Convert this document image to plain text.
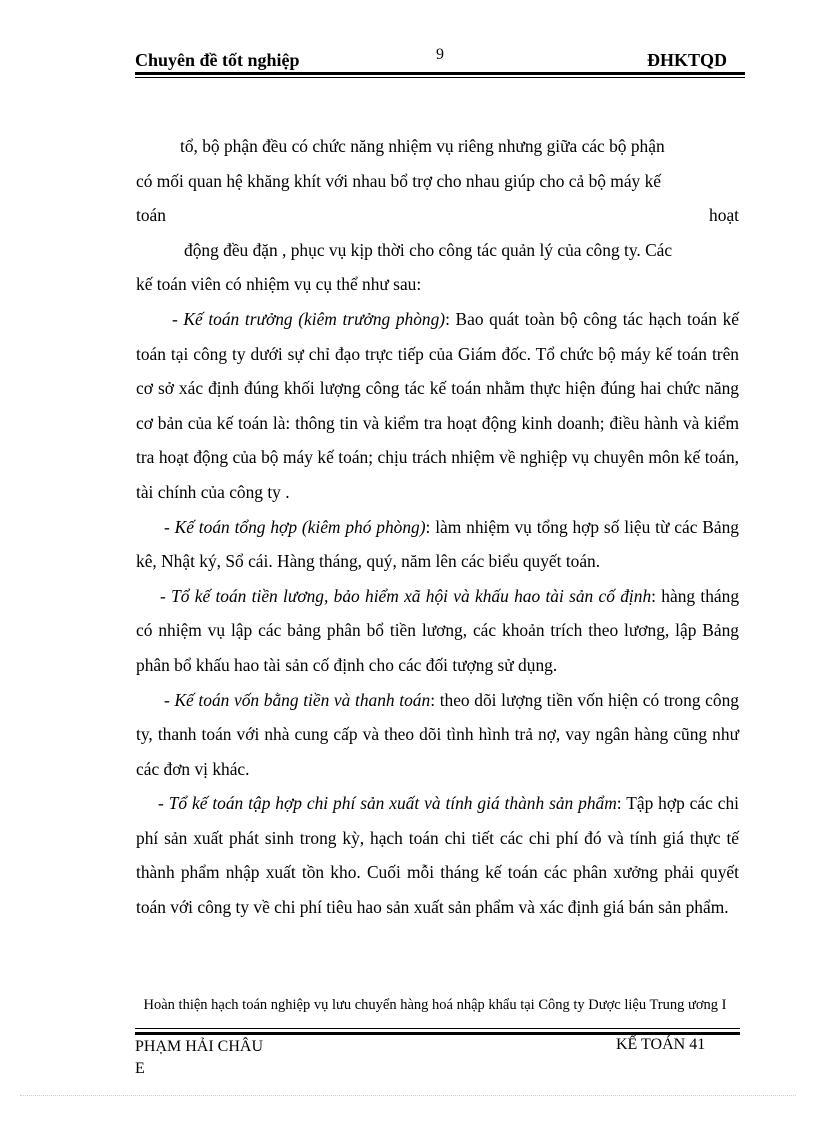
Chuyên đề tốt nghiệp	9	ĐHKTQD
tổ, bộ phận đều có chức năng nhiệm vụ riêng nhưng giữa các bộ phận
có mối quan hệ khăng khít với nhau bổ trợ cho nhau giúp cho cả bộ máy kế
toán	hoạt
động đều đặn , phục vụ kịp thời cho công tác quản lý của công ty. Các
kế toán viên có nhiệm vụ cụ thể như sau:

- Kế toán trưởng (kiêm trưởng phòng): Bao quát toàn bộ công tác hạch toán kế toán tại công ty dưới sự chỉ đạo trực tiếp của Giám đốc. Tổ chức bộ máy kế toán trên cơ sở xác định đúng khối lượng công tác kế toán nhằm thực hiện đúng hai chức năng cơ bản của kế toán là: thông tin và kiểm tra hoạt động kinh doanh; điều hành và kiểm tra hoạt động của bộ máy kế toán; chịu trách nhiệm về nghiệp vụ chuyên môn kế toán, tài chính của công ty .

- Kế toán tổng hợp (kiêm phó phòng): làm nhiệm vụ tổng hợp số liệu từ các Bảng kê, Nhật ký, Sổ cái. Hàng tháng, quý, năm lên các biểu quyết toán.

- Tổ kế toán tiền lương, bảo hiểm xã hội và khấu hao tài sản cố định: hàng tháng có nhiệm vụ lập các bảng phân bổ tiền lương, các khoản trích theo lương, lập Bảng phân bổ khấu hao tài sản cố định cho các đối tượng sử dụng.

- Kế toán vốn bằng tiền và thanh toán: theo dõi lượng tiền vốn hiện có trong công ty, thanh toán với nhà cung cấp và theo dõi tình hình trả nợ, vay ngân hàng cũng như các đơn vị khác.

- Tổ kế toán tập hợp chi phí sản xuất và tính giá thành sản phẩm: Tập hợp các chi phí sản xuất phát sinh trong kỳ, hạch toán chi tiết các chi phí đó và tính giá thực tế thành phẩm nhập xuất tồn kho. Cuối mỗi tháng kế toán các phân xưởng phải quyết toán với công ty về chi phí tiêu hao sản xuất sản phẩm và xác định giá bán sản phẩm.

Hoàn thiện hạch toán nghiệp vụ lưu chuyển hàng hoá nhập khẩu tại Công ty Dược liệu Trung ương I
PHẠM HẢI CHÂU E
KẾ TOÁN 41
